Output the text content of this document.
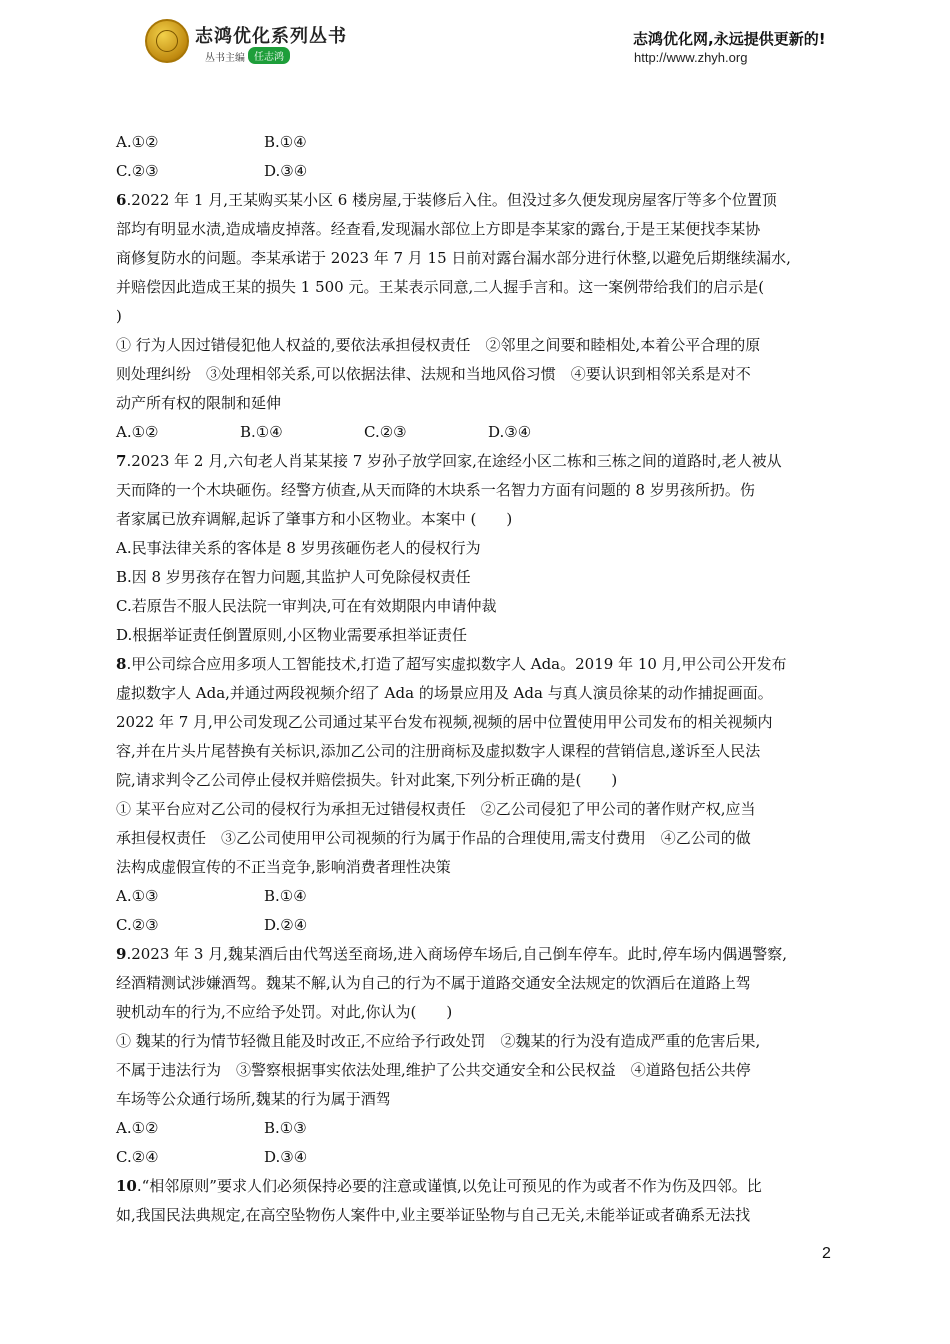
志鸿优化系列丛书
丛书主编 任志鸿
志鸿优化网,永远提供更新的!
http://www.zhyh.org
A.①②	B.①④
C.②③	D.③④
6.2022 年 1 月,王某购买某小区 6 楼房屋,于装修后入住。但没过多久便发现房屋客厅等多个位置顶
部均有明显水渍,造成墙皮掉落。经查看,发现漏水部位上方即是李某家的露台,于是王某便找李某协
商修复防水的问题。李某承诺于 2023 年 7 月 15 日前对露台漏水部分进行休整,以避免后期继续漏水,
并赔偿因此造成王某的损失 1 500 元。王某表示同意,二人握手言和。这一案例带给我们的启示是(
)
① 行为人因过错侵犯他人权益的,要依法承担侵权责任　②邻里之间要和睦相处,本着公平合理的原
则处理纠纷　③处理相邻关系,可以依据法律、法规和当地风俗习惯　④要认识到相邻关系是对不
动产所有权的限制和延伸
A.①②	B.①④	C.②③	D.③④
7.2023 年 2 月,六旬老人肖某某接 7 岁孙子放学回家,在途经小区二栋和三栋之间的道路时,老人被从
天而降的一个木块砸伤。经警方侦查,从天而降的木块系一名智力方面有问题的 8 岁男孩所扔。伤
者家属已放弃调解,起诉了肇事方和小区物业。本案中 (　　)
A.民事法律关系的客体是 8 岁男孩砸伤老人的侵权行为
B.因 8 岁男孩存在智力问题,其监护人可免除侵权责任
C.若原告不服人民法院一审判决,可在有效期限内申请仲裁
D.根据举证责任倒置原则,小区物业需要承担举证责任
8.甲公司综合应用多项人工智能技术,打造了超写实虚拟数字人 Ada。2019 年 10 月,甲公司公开发布
虚拟数字人 Ada,并通过两段视频介绍了 Ada 的场景应用及 Ada 与真人演员徐某的动作捕捉画面。
2022 年 7 月,甲公司发现乙公司通过某平台发布视频,视频的居中位置使用甲公司发布的相关视频内
容,并在片头片尾替换有关标识,添加乙公司的注册商标及虚拟数字人课程的营销信息,遂诉至人民法
院,请求判令乙公司停止侵权并赔偿损失。针对此案,下列分析正确的是(　　)
① 某平台应对乙公司的侵权行为承担无过错侵权责任　②乙公司侵犯了甲公司的著作财产权,应当
承担侵权责任　③乙公司使用甲公司视频的行为属于作品的合理使用,需支付费用　④乙公司的做
法构成虚假宣传的不正当竞争,影响消费者理性决策
A.①③	B.①④
C.②③	D.②④
9.2023 年 3 月,魏某酒后由代驾送至商场,进入商场停车场后,自己倒车停车。此时,停车场内偶遇警察,
经酒精测试涉嫌酒驾。魏某不解,认为自己的行为不属于道路交通安全法规定的饮酒后在道路上驾
驶机动车的行为,不应给予处罚。对此,你认为(　　)
① 魏某的行为情节轻微且能及时改正,不应给予行政处罚　②魏某的行为没有造成严重的危害后果,
不属于违法行为　③警察根据事实依法处理,维护了公共交通安全和公民权益　④道路包括公共停
车场等公众通行场所,魏某的行为属于酒驾
A.①②	B.①③
C.②④	D.③④
10.“相邻原则”要求人们必须保持必要的注意或谨慎,以免让可预见的作为或者不作为伤及四邻。比
如,我国民法典规定,在高空坠物伤人案件中,业主要举证坠物与自己无关,未能举证或者确系无法找
2
